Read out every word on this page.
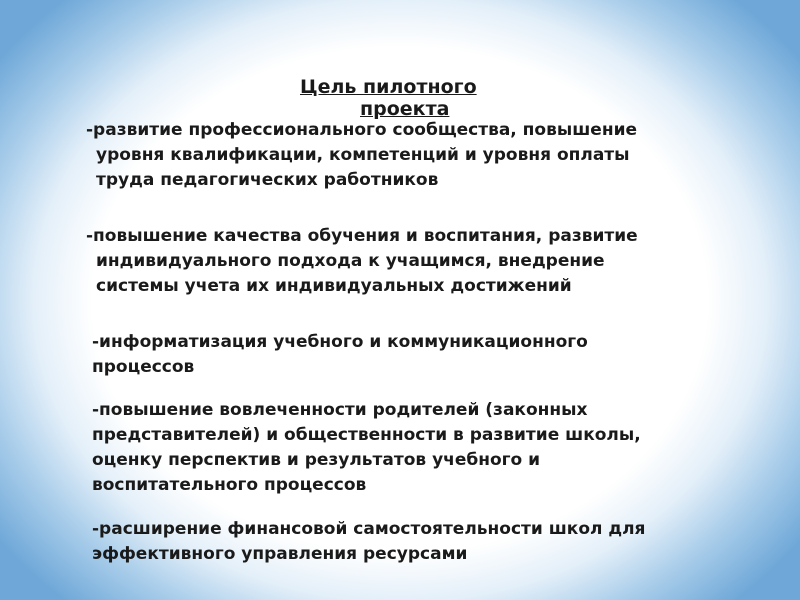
Цель пилотного
проекта

-развитие профессионального сообщества, повышение
уровня квалификации, компетенций и уровня оплаты
труда педагогических работников

-повышение качества обучения и воспитания, развитие
индивидуального подхода к учащимся, внедрение
системы учета их индивидуальных достижений

-информатизация учебного и коммуникационного
процессов

-повышение вовлеченности родителей (законных
представителей) и общественности в развитие школы,
оценку перспектив и результатов учебного и
воспитательного процессов

-расширение финансовой самостоятельности школ для
эффективного управления ресурсами
